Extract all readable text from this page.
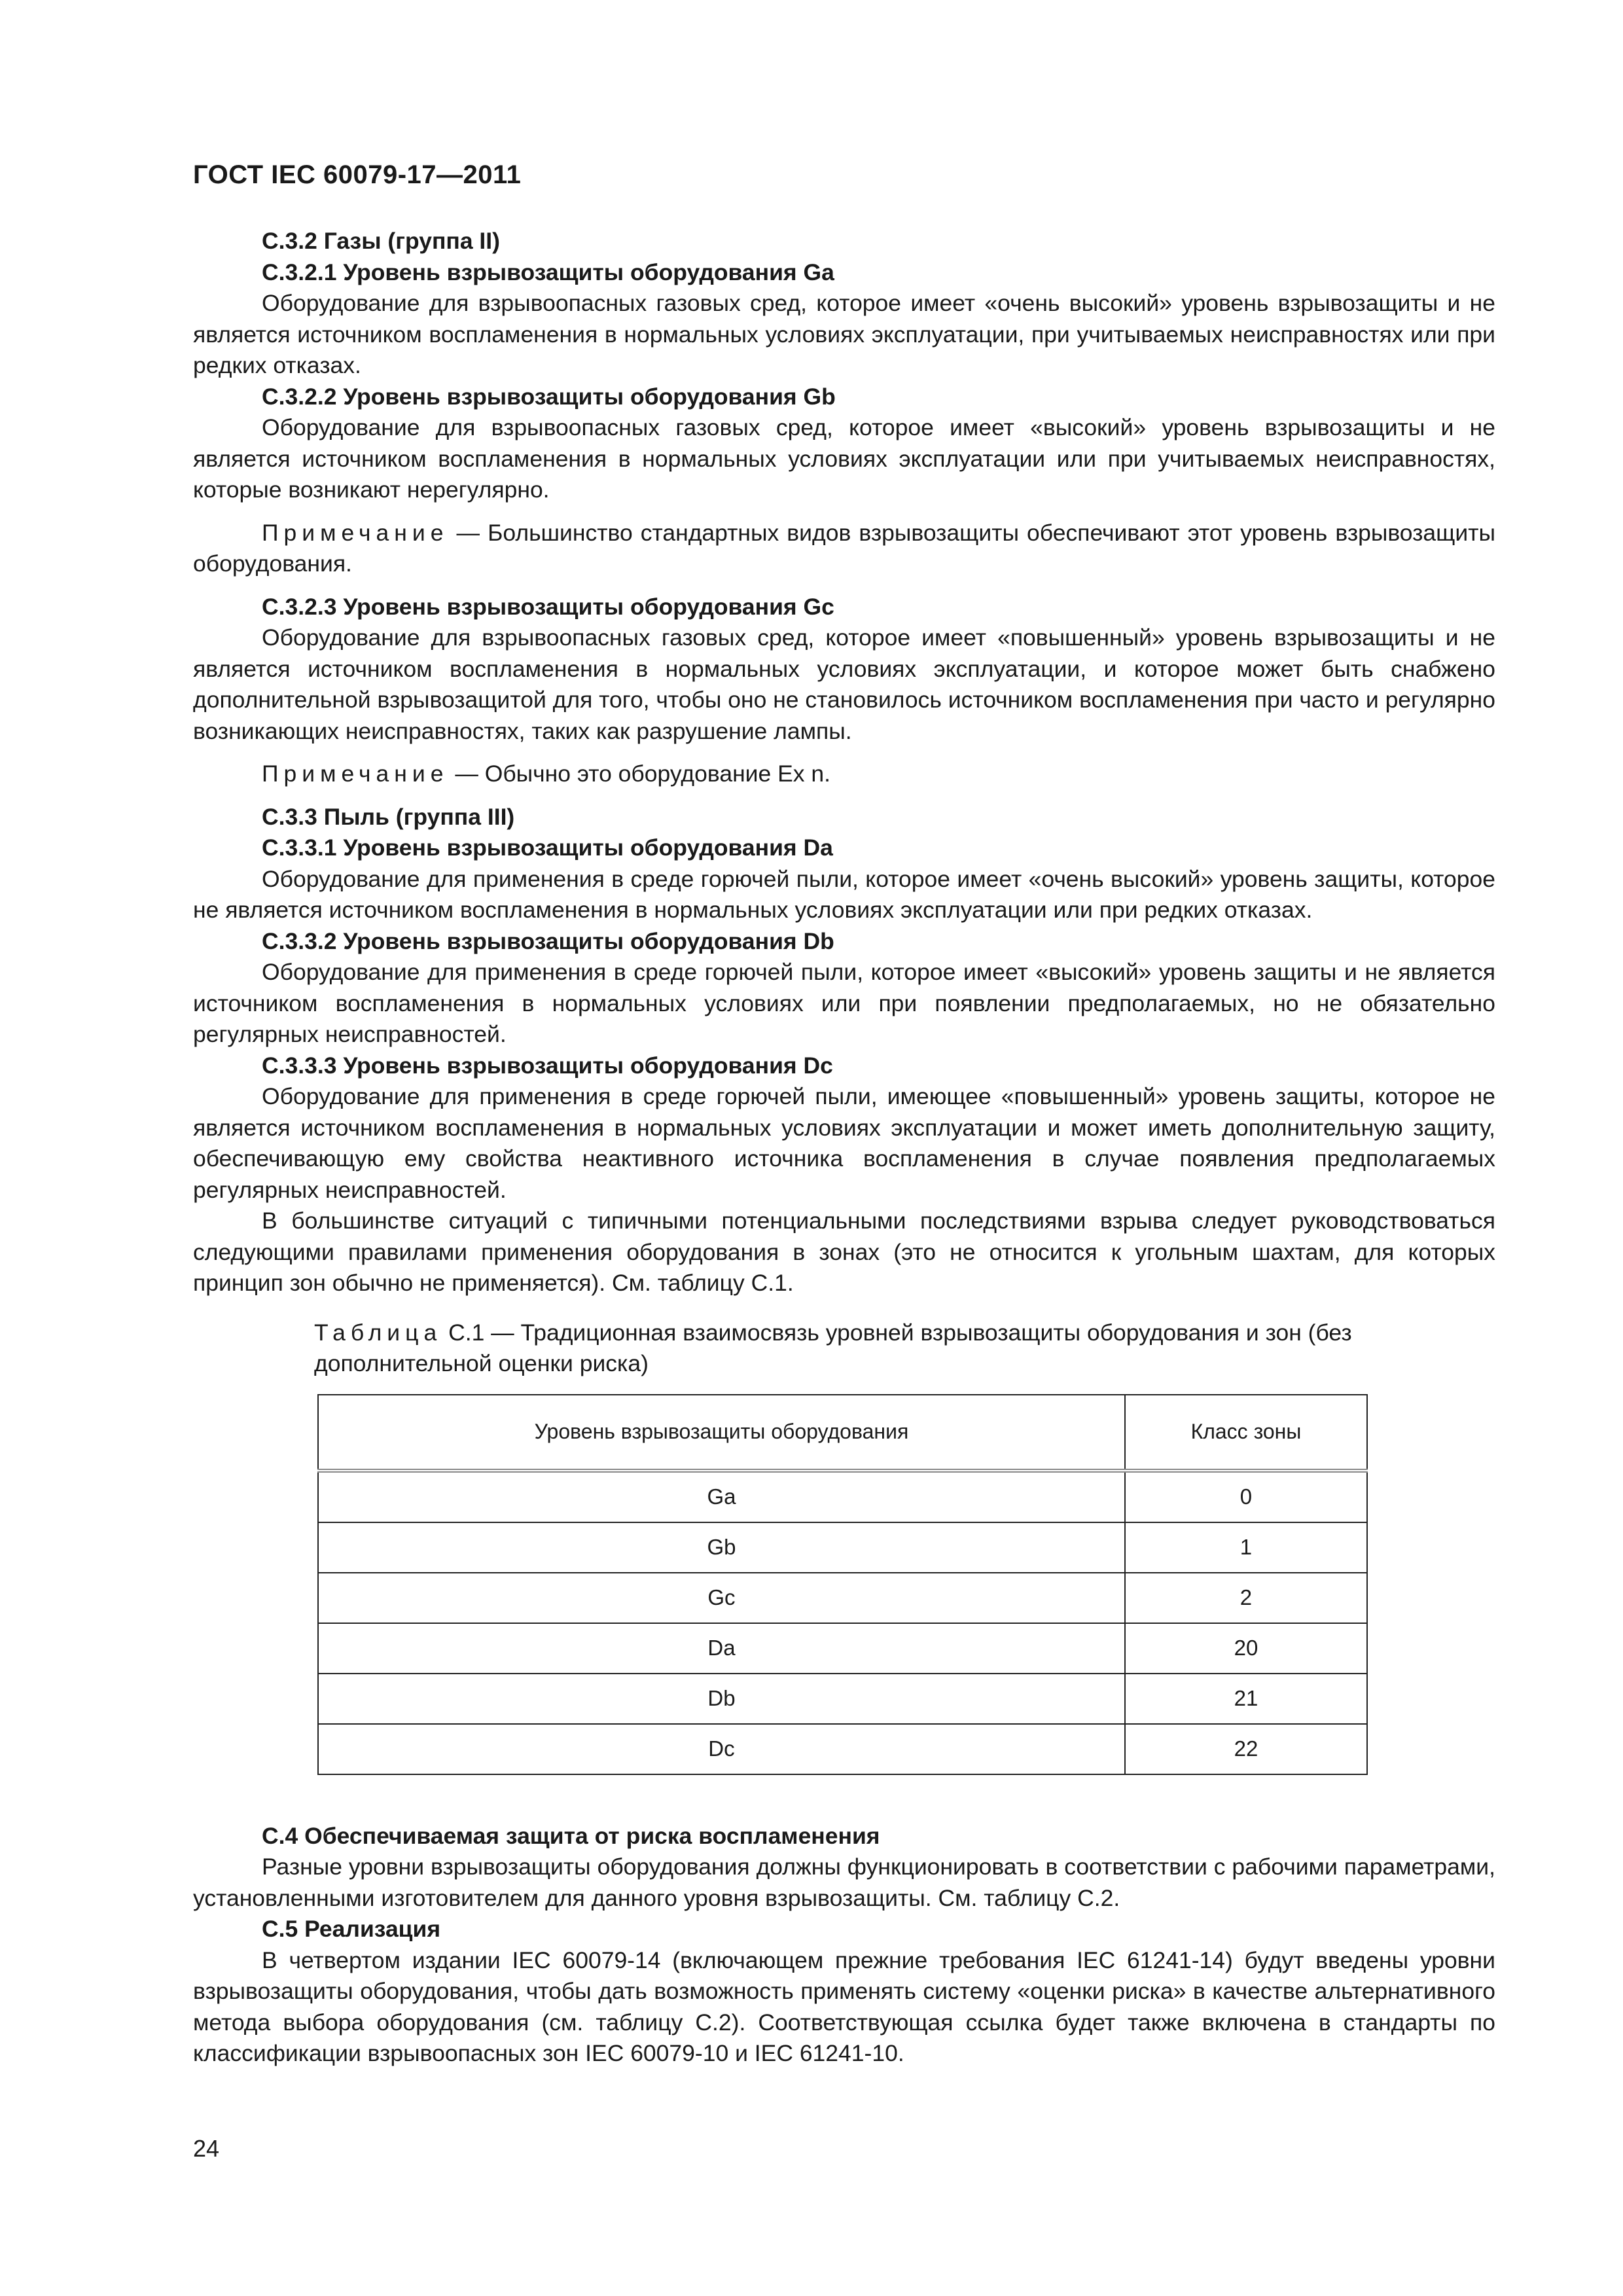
ГОСТ IEC 60079-17—2011

С.3.2 Газы (группа II)

С.3.2.1 Уровень взрывозащиты оборудования Ga

Оборудование для взрывоопасных газовых сред, которое имеет «очень высокий» уровень взрывозащиты и не является источником воспламенения в нормальных условиях эксплуатации, при учитываемых неисправностях или при редких отказах.

С.3.2.2 Уровень взрывозащиты оборудования Gb

Оборудование для взрывоопасных газовых сред, которое имеет «высокий» уровень взрывозащиты и не является источником воспламенения в нормальных условиях эксплуатации или при учитываемых неисправностях, которые возникают нерегулярно.

Примечание — Большинство стандартных видов взрывозащиты обеспечивают этот уровень взрывозащиты оборудования.

С.3.2.3 Уровень взрывозащиты оборудования Gc

Оборудование для взрывоопасных газовых сред, которое имеет «повышенный» уровень взрывозащиты и не является источником воспламенения в нормальных условиях эксплуатации, и которое может быть снабжено дополнительной взрывозащитой для того, чтобы оно не становилось источником воспламенения при часто и регулярно возникающих неисправностях, таких как разрушение лампы.

Примечание — Обычно это оборудование Ex n.

С.3.3 Пыль (группа III)

С.3.3.1 Уровень взрывозащиты оборудования Da

Оборудование для применения в среде горючей пыли, которое имеет «очень высокий» уровень защиты, которое не является источником воспламенения в нормальных условиях эксплуатации или при редких отказах.

С.3.3.2 Уровень взрывозащиты оборудования Db

Оборудование для применения в среде горючей пыли, которое имеет «высокий» уровень защиты и не является источником воспламенения в нормальных условиях или при появлении предполагаемых, но не обязательно регулярных неисправностей.

С.3.3.3 Уровень взрывозащиты оборудования Dc

Оборудование для применения в среде горючей пыли, имеющее «повышенный» уровень защиты, которое не является источником воспламенения в нормальных условиях эксплуатации и может иметь дополнительную защиту, обеспечивающую ему свойства неактивного источника воспламенения в случае появления предполагаемых регулярных неисправностей.

В большинстве ситуаций с типичными потенциальными последствиями взрыва следует руководствоваться следующими правилами применения оборудования в зонах (это не относится к угольным шахтам, для которых принцип зон обычно не применяется). См. таблицу С.1.

Таблица С.1 — Традиционная взаимосвязь уровней взрывозащиты оборудования и зон (без дополнительной оценки риска)
Уровень взрывозащиты оборудования	Класс зоны
Ga	0
Gb	1
Gc	2
Da	20
Db	21
Dc	22

С.4 Обеспечиваемая защита от риска воспламенения

Разные уровни взрывозащиты оборудования должны функционировать в соответствии с рабочими параметрами, установленными изготовителем для данного уровня взрывозащиты. См. таблицу С.2.

С.5 Реализация

В четвертом издании IEC 60079-14 (включающем прежние требования IEC 61241-14) будут введены уровни взрывозащиты оборудования, чтобы дать возможность применять систему «оценки риска» в качестве альтернативного метода выбора оборудования (см. таблицу С.2). Соответствующая ссылка будет также включена в стандарты по классификации взрывоопасных зон IEC 60079-10 и IEC 61241-10.

24
